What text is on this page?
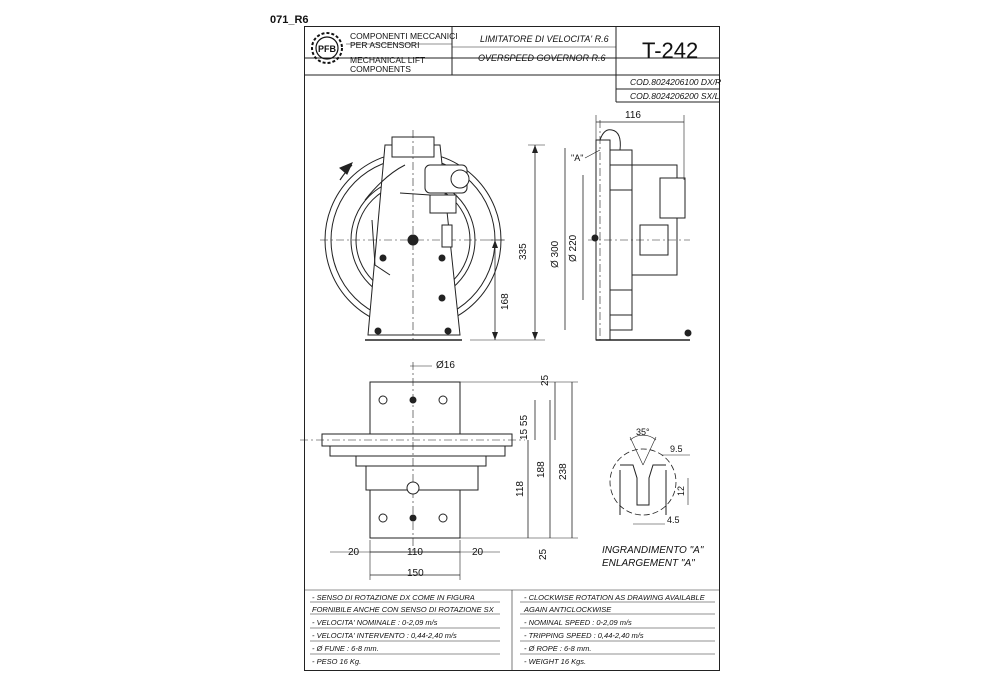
071_R6
PFB
COMPONENTI MECCANICI
PER ASCENSORI
MECHANICAL LIFT
COMPONENTS
LIMITATORE DI VELOCITA' R.6
OVERSPEED GOVERNOR R.6 T-242
COD.8024206100 DX/R
COD.8024206200 SX/L
116
335
168
Ø 300 Ø 220
"A"
Ø16
25
15 55
188 238
118
25
20	110	20
150
35°
9.5
12
4.5
INGRANDIMENTO "A"
ENLARGEMENT "A"
- SENSO DI ROTAZIONE DX COME IN FIGURA
FORNIBILE ANCHE CON SENSO DI ROTAZIONE SX
- VELOCITA' NOMINALE : 0-2,09 m/s
- VELOCITA' INTERVENTO : 0,44-2,40 m/s
- Ø FUNE : 6-8 mm.
- PESO 16 Kg.
- CLOCKWISE ROTATION AS DRAWING AVAILABLE
AGAIN ANTICLOCKWISE
- NOMINAL SPEED : 0-2,09 m/s
- TRIPPING SPEED : 0,44-2,40 m/s
- Ø ROPE : 6-8 mm.
- WEIGHT 16 Kgs.
